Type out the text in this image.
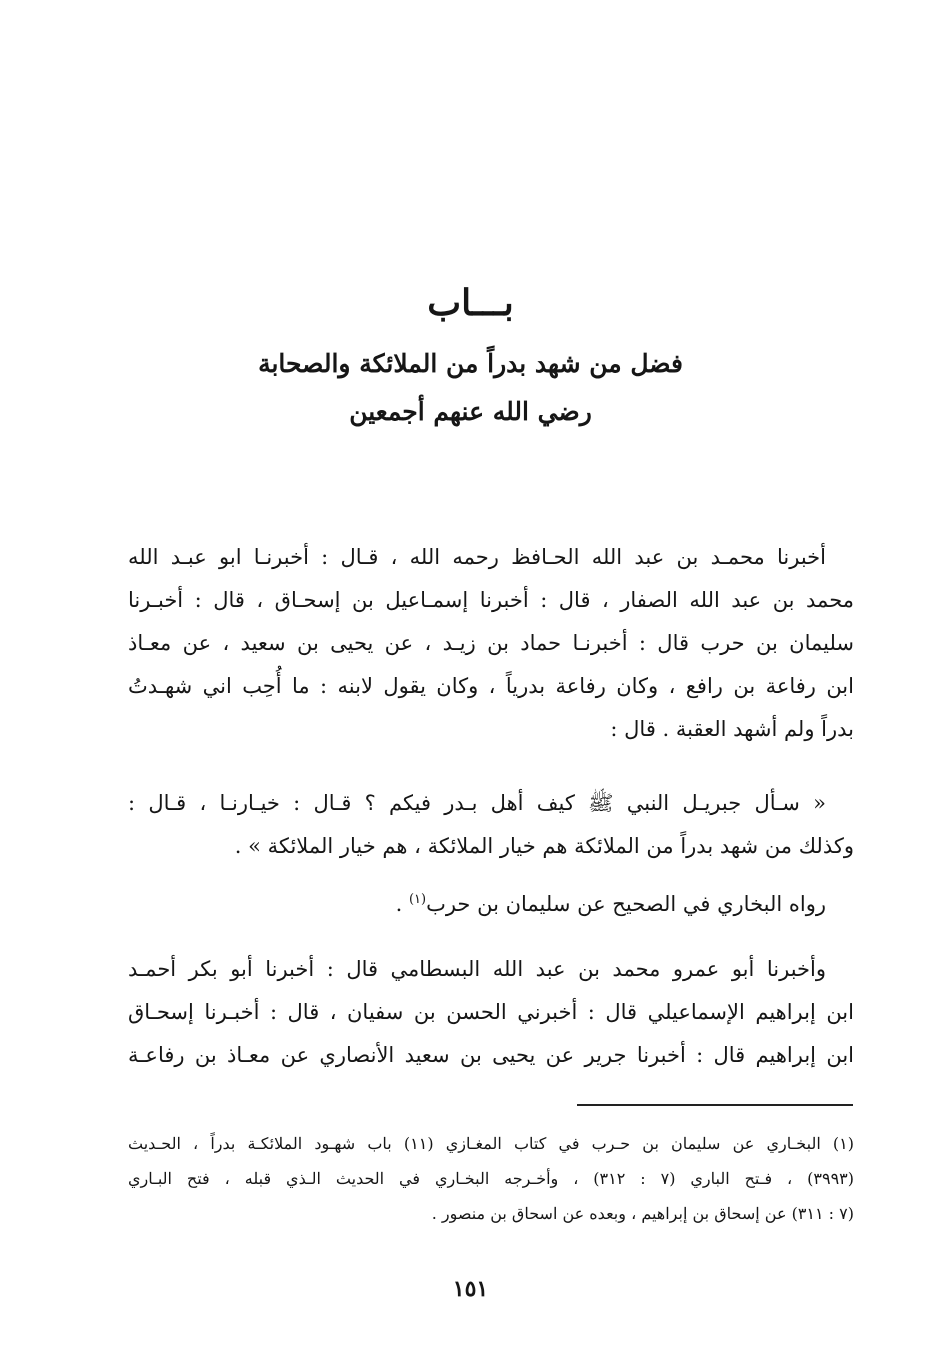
بـــاب
فضل من شهد بدراً من الملائكة والصحابة
رضي الله عنهم أجمعين
أخبرنا محمـد بن عبد الله الحـافظ رحمه الله ، قـال : أخبرنـا ابو عبـد الله
محمد بن عبد الله الصفار ، قال : أخبرنا إسمـاعيل بن إسحـاق ، قال : أخبـرنا
سليمان بن حرب قال : أخبرنـا حماد بن زيـد ، عن يحيى بن سعيد ، عن معـاذ
ابن رفاعة بن رافع ، وكان رفاعة بدرياً ، وكان يقول لابنه : ما أُحِب اني شهـدتُ
بدراً ولم أشهد العقبة . قال :
« سـأل جبريـل النبي ﷺ كيف أهل بـدر فيكم ؟ قـال : خيـارنـا ، قـال :
وكذلك من شهد بدراً من الملائكة هم خيار الملائكة ، هم خيار الملائكة » .
رواه البخاري في الصحيح عن سليمان بن حرب$^{(١)}$ .
وأخبرنا أبو عمرو محمد بن عبد الله البسطامي قال : أخبرنا أبو بكر أحمـد
ابن إبراهيم الإسماعيلي قال : أخبرني الحسن بن سفيان ، قال : أخبـرنا إسحـاق
ابن إبراهيم قال : أخبرنا جرير عن يحيى بن سعيد الأنصاري عن معـاذ بن رفاعـة
(١) البخـاري عن سليمان بن حـرب في كتاب المغـازي (١١) باب شهـود الملائكـة بدراً ، الحـديث
(٣٩٩٣) ، فـتح الباري (٧ : ٣١٢) ، وأخـرجه البخـاري في الحديث الـذي قبله ، فتح البـاري
(٧ : ٣١١) عن إسحاق بن إبراهيم ، وبعده عن اسحاق بن منصور .
١٥١
